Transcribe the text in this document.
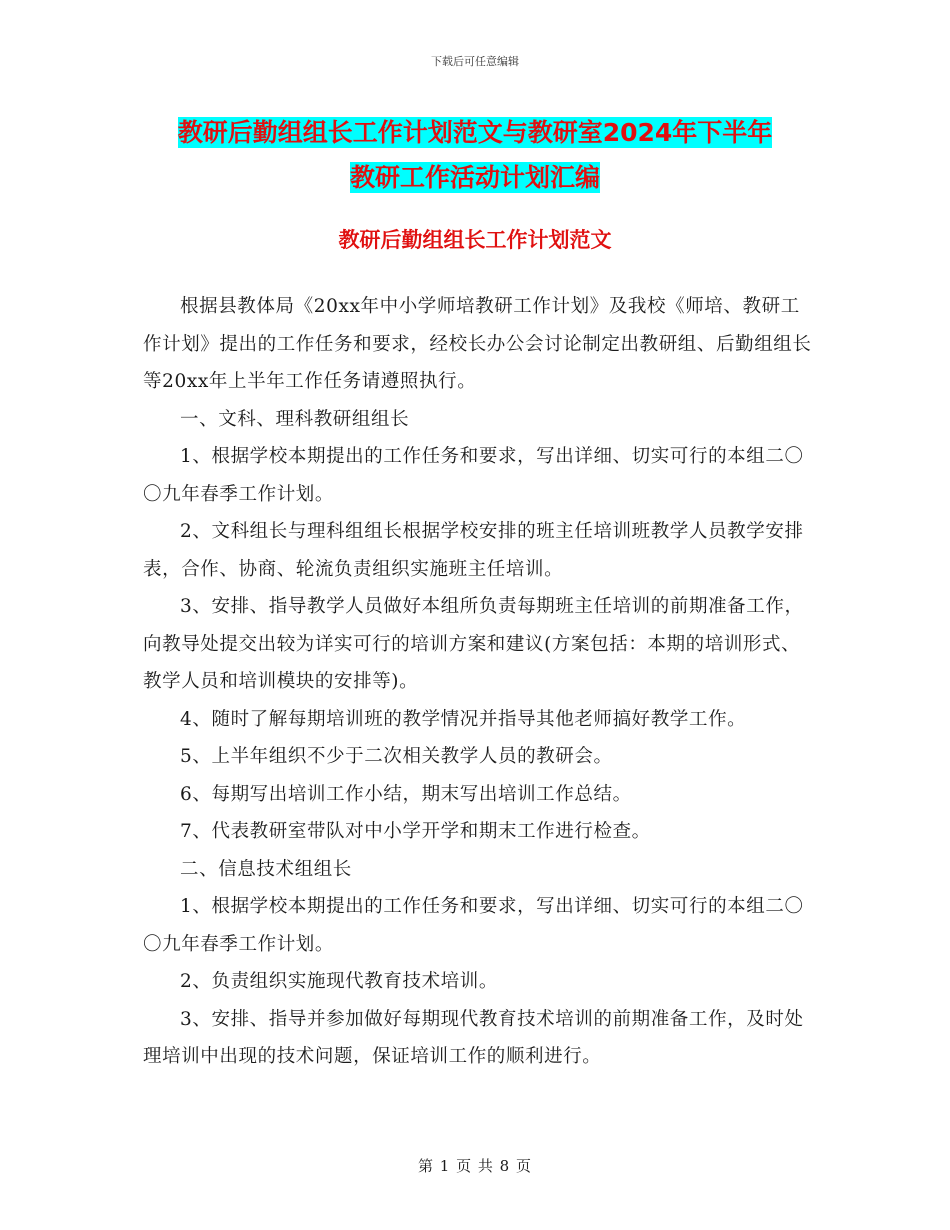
下载后可任意编辑
教研后勤组组长工作计划范文与教研室2024年下半年
教研工作活动计划汇编
教研后勤组组长工作计划范文

根据县教体局《20xx年中小学师培教研工作计划》及我校《师培、教研工作计划》提出的工作任务和要求，经校长办公会讨论制定出教研组、后勤组组长等20xx年上半年工作任务请遵照执行。

一、文科、理科教研组组长

1、根据学校本期提出的工作任务和要求，写出详细、切实可行的本组二〇〇九年春季工作计划。

2、文科组长与理科组组长根据学校安排的班主任培训班教学人员教学安排表，合作、协商、轮流负责组织实施班主任培训。

3、安排、指导教学人员做好本组所负责每期班主任培训的前期准备工作，向教导处提交出较为详实可行的培训方案和建议(方案包括：本期的培训形式、教学人员和培训模块的安排等)。

4、随时了解每期培训班的教学情况并指导其他老师搞好教学工作。

5、上半年组织不少于二次相关教学人员的教研会。

6、每期写出培训工作小结，期末写出培训工作总结。

7、代表教研室带队对中小学开学和期末工作进行检查。

二、信息技术组组长

1、根据学校本期提出的工作任务和要求，写出详细、切实可行的本组二〇〇九年春季工作计划。

2、负责组织实施现代教育技术培训。

3、安排、指导并参加做好每期现代教育技术培训的前期准备工作，及时处理培训中出现的技术问题，保证培训工作的顺利进行。

第 1 页 共 8 页
